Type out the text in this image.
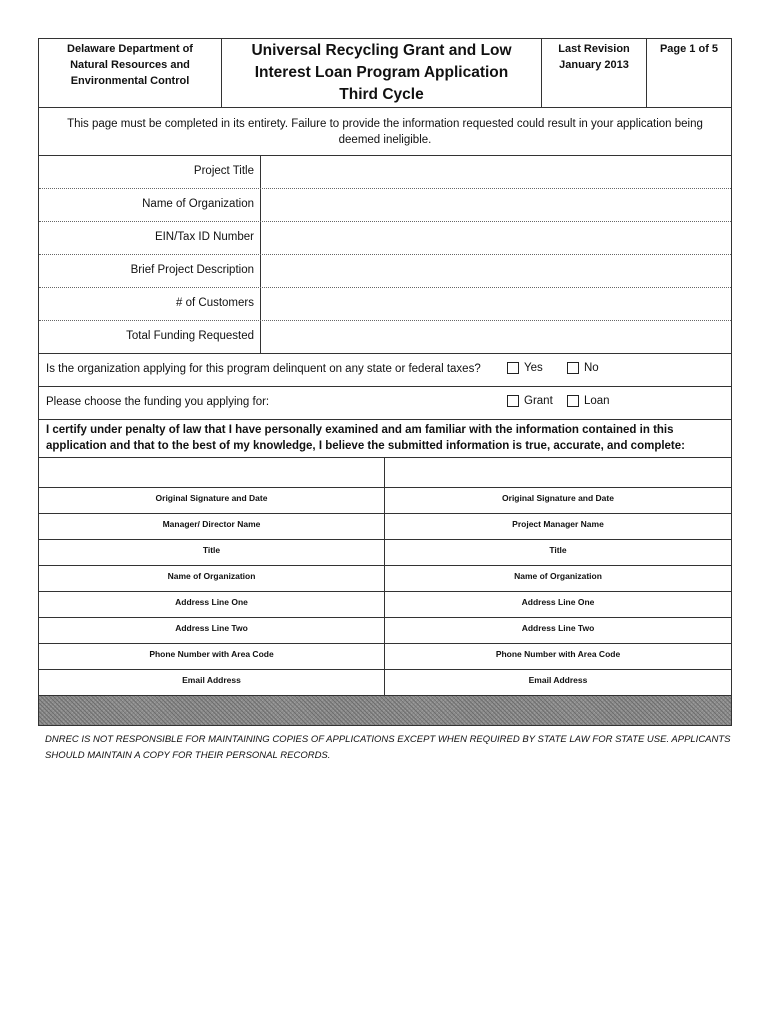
Delaware Department of
Natural Resources and
Environmental Control
Universal Recycling Grant and Low
Interest Loan Program Application
Third Cycle
Last Revision
January 2013
Page 1 of 5
This page must be completed in its entirety. Failure to provide the information requested could result in your application being deemed ineligible.
Project Title
Name of Organization
EIN/Tax ID Number
Brief Project Description
# of Customers
Total Funding Requested
Is the organization applying for this program delinquent on any state or federal taxes?	Yes	No
Please choose the funding you applying for:	Grant	Loan
I certify under penalty of law that I have personally examined and am familiar with the information contained in this application and that to the best of my knowledge, I believe the submitted information is true, accurate, and complete:
Original Signature and Date	Original Signature and Date
Manager/ Director Name	Project Manager Name
Title	Title
Name of Organization	Name of Organization
Address Line One	Address Line One
Address Line Two	Address Line Two
Phone Number with Area Code	Phone Number with Area Code
Email Address	Email Address
DNREC IS NOT RESPONSIBLE FOR MAINTAINING COPIES OF APPLICATIONS EXCEPT WHEN REQUIRED BY STATE LAW FOR STATE USE. APPLICANTS
SHOULD MAINTAIN A COPY FOR THEIR PERSONAL RECORDS.
